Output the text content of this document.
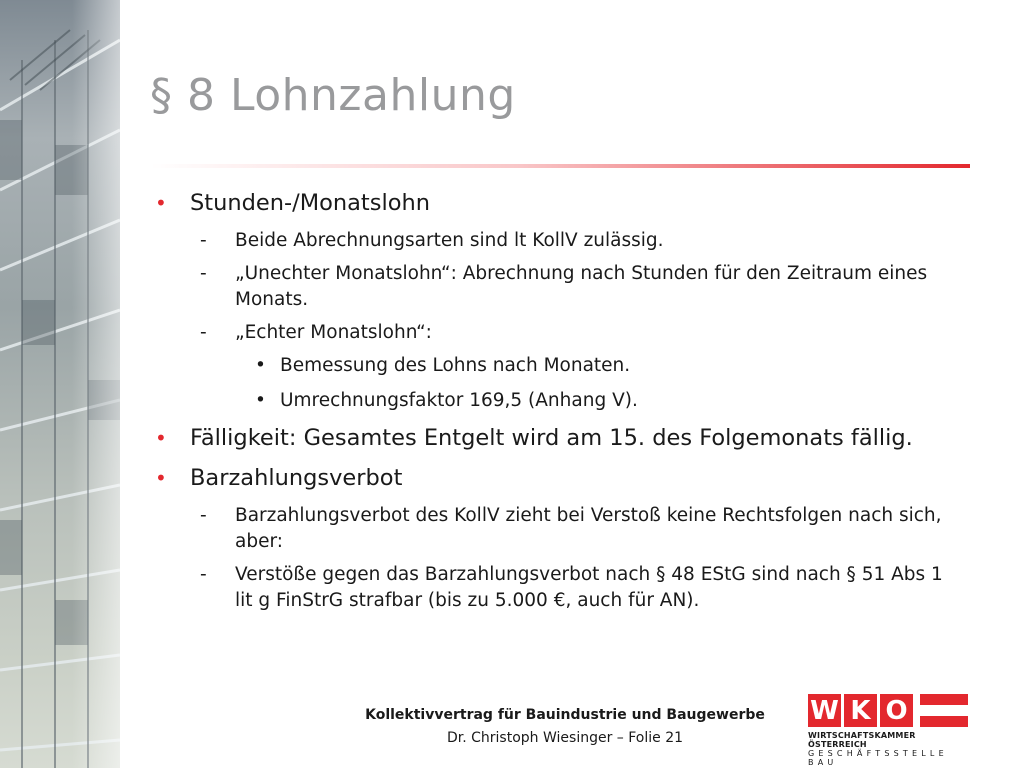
§ 8 Lohnzahlung
• Stunden-/Monatslohn
- Beide Abrechnungsarten sind lt KollV zulässig.
- „Unechter Monatslohn“: Abrechnung nach Stunden für den Zeitraum eines Monats.
- „Echter Monatslohn“:
• Bemessung des Lohns nach Monaten.
• Umrechnungsfaktor 169,5 (Anhang V).
• Fälligkeit: Gesamtes Entgelt wird am 15. des Folgemonats fällig.
• Barzahlungsverbot
- Barzahlungsverbot des KollV zieht bei Verstoß keine Rechtsfolgen nach sich, aber:
- Verstöße gegen das Barzahlungsverbot nach § 48 EStG sind nach § 51 Abs 1 lit g FinStrG strafbar (bis zu 5.000 €, auch für AN).
Kollektivvertrag für Bauindustrie und Baugewerbe
Dr. Christoph Wiesinger – Folie 21
W K O
WIRTSCHAFTSKAMMER ÖSTERREICH
GESCHÄFTSSTELLE BAU
